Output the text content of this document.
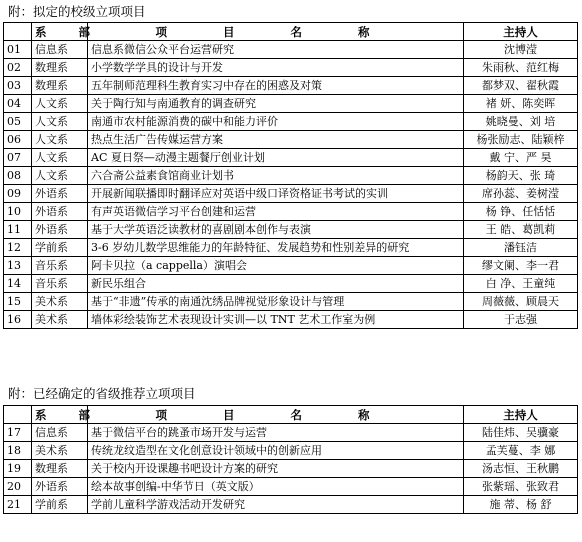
附：拟定的校级立项项目
	系 部	项 目 名 称	主持人
01	信息系	信息系微信公众平台运营研究	沈博滢
02	数理系	小学数学学具的设计与开发	朱雨秋、范红梅
03	数理系	五年制师范理科生教育实习中存在的困惑及对策	都梦双、翟秋霞
04	人文系	关于陶行知与南通教育的调查研究	褚 妍、陈奕晖
05	人文系	南通市农村能源消费的碳中和能力评价	姚晓曼、刘 培
06	人文系	热点生活广告传媒运营方案	杨张励志、陆颖梓
07	人文系	AC 夏日祭—动漫主题餐厅创业计划	戴 宁、严 昊
08	人文系	六合斋公益素食馆商业计划书	杨韵天、张 琦
09	外语系	开展新闻联播即时翻译应对英语中级口译资格证书考试的实训	席孙蕊、姜树滢
10	外语系	有声英语微信学习平台创建和运营	杨 铮、任恬恬
11	外语系	基于大学英语泛读教材的喜剧剧本创作与表演	王 皓、葛凯莉
12	学前系	3-6 岁幼儿数学思维能力的年龄特征、发展趋势和性别差异的研究	潘钰洁
13	音乐系	阿卡贝拉（a cappella）演唱会	缪文阑、李一君
14	音乐系	新民乐组合	白 净、王童纯
15	美术系	基于“非遗”传承的南通沈绣品牌视觉形象设计与管理	周薇薇、顾晨天
16	美术系	墙体彩绘装饰艺术表现设计实训—以 TNT 艺术工作室为例	于志强
附：已经确定的省级推荐立项项目
	系 部	项 目 名 称	主持人
17	信息系	基于微信平台的跳蚤市场开发与运营	陆佳炜、吴骥豪
18	美术系	传统龙纹造型在文化创意设计领域中的创新应用	孟芙蔓、李 娜
19	数理系	关于校内开设课趣书吧设计方案的研究	汤志恒、王秋鹏
20	外语系	绘本故事创编-中华节日（英文版）	张紫瑶、张致君
21	学前系	学前儿童科学游戏活动开发研究	施 蒂、杨 舒
